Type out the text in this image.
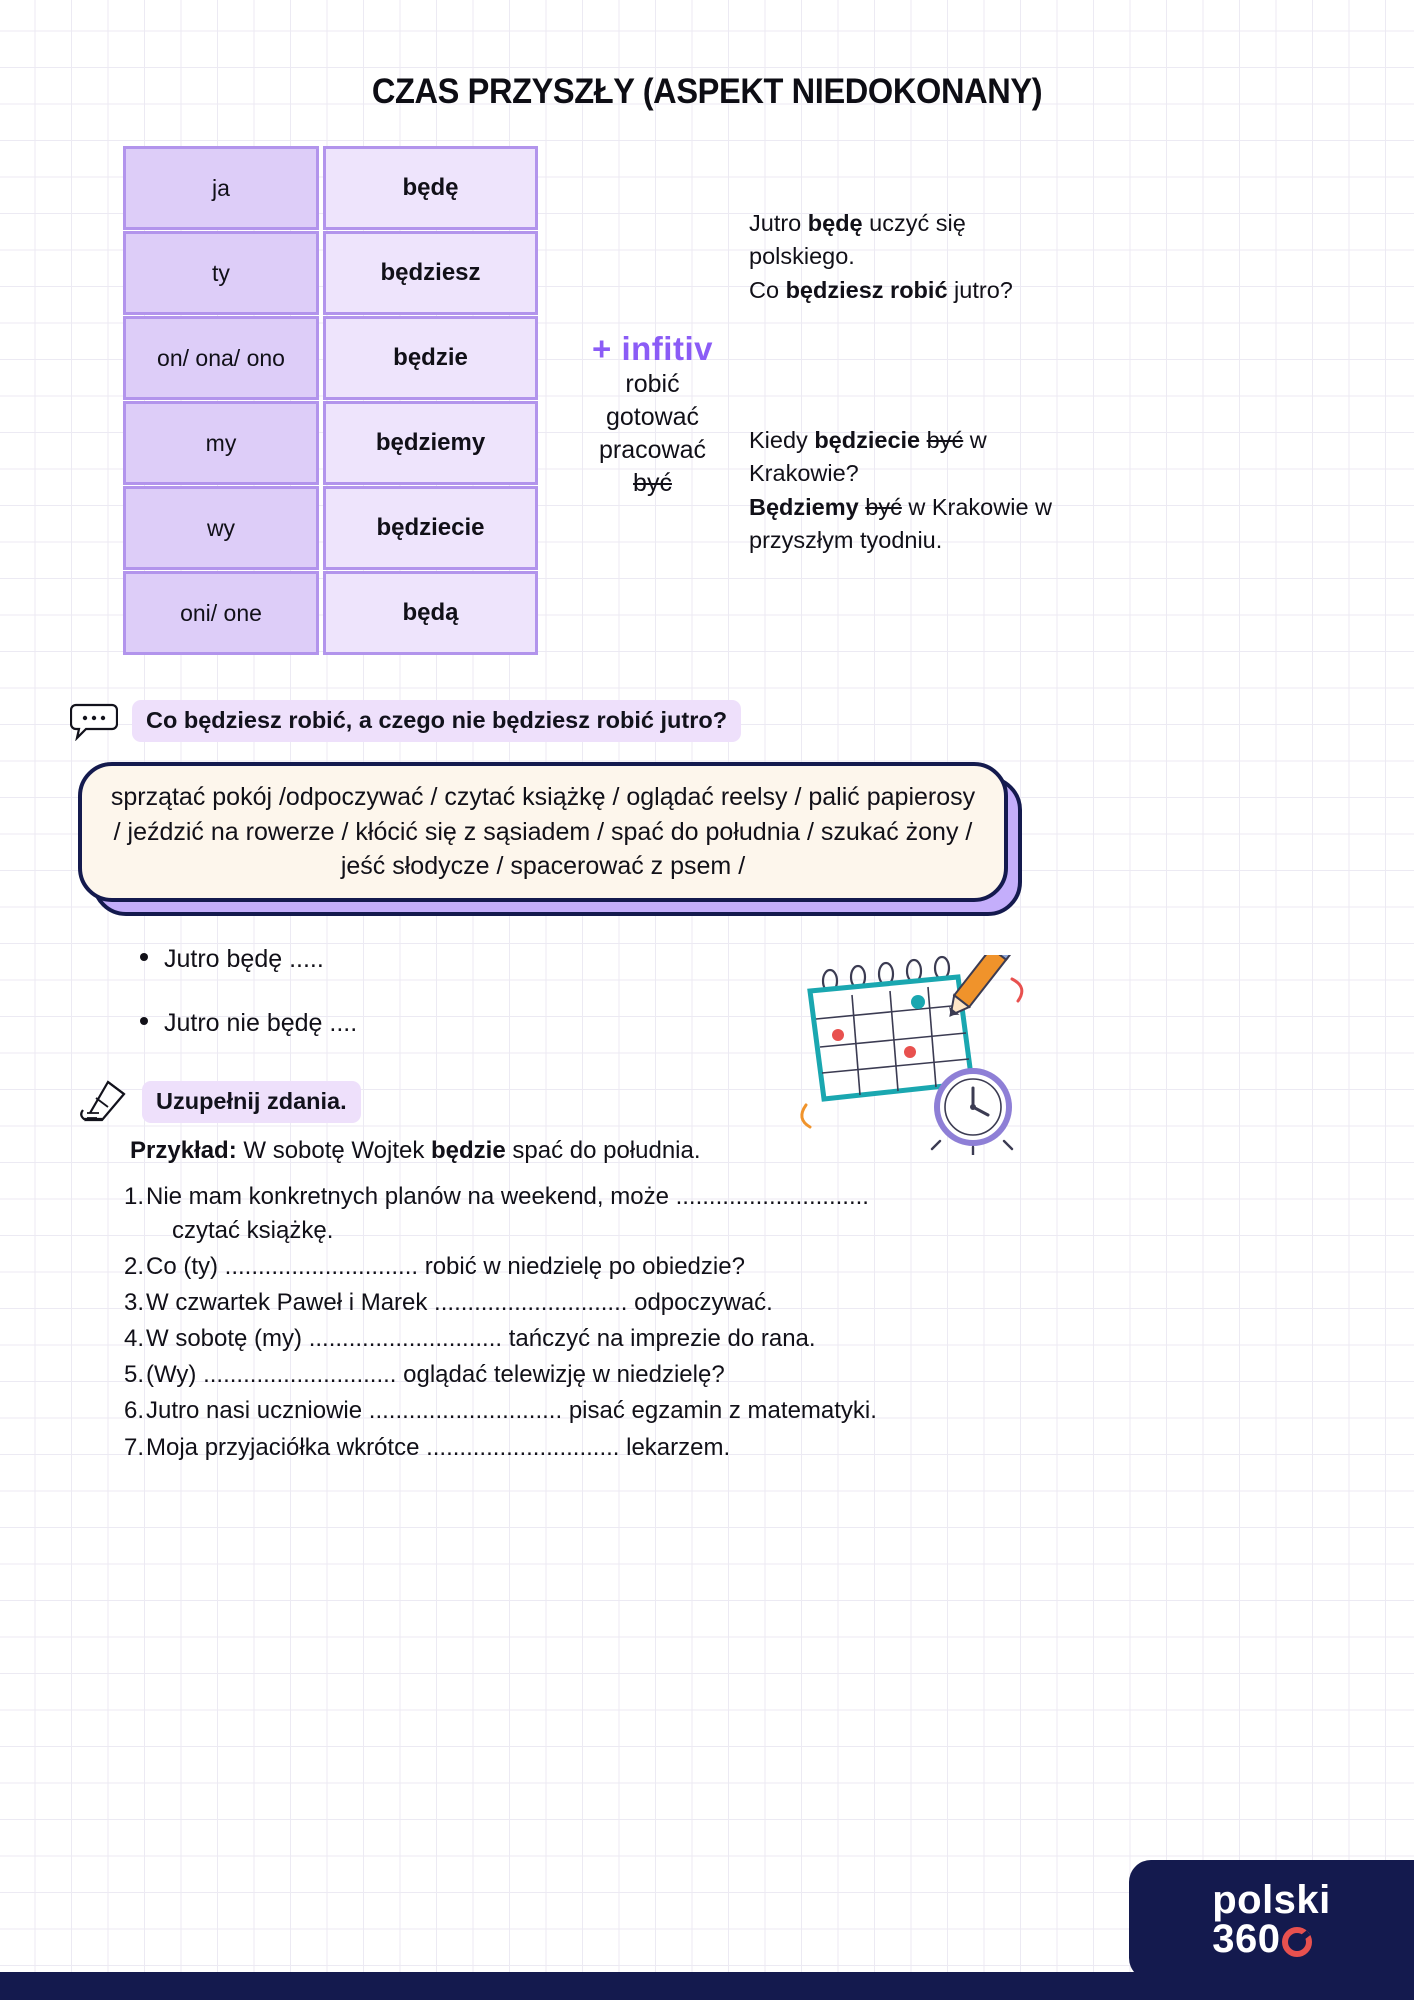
CZAS PRZYSZŁY (ASPEKT NIEDOKONANY)
ja	będę
ty	będziesz
on/ ona/ ono	będzie
my	będziemy
wy	będziecie
oni/ one	będą
+ infitiv
robić
gotować
pracować
być
Jutro będę uczyć się polskiego.
Co będziesz robić jutro?
Kiedy będziecie być w Krakowie?
Będziemy być w Krakowie w przyszłym tyodniu.
Co będziesz robić, a czego nie będziesz robić jutro?
sprzątać pokój /odpoczywać / czytać książkę / oglądać reelsy / palić papierosy / jeździć na rowerze / kłócić się z sąsiadem / spać do południa / szukać żony / jeść słodycze / spacerować z psem /
Jutro będę .....
Jutro nie będę ....
Uzupełnij zdania.
Przykład: W sobotę Wojtek będzie spać do południa.
1. Nie mam konkretnych planów na weekend, może .............................
czytać książkę.
2. Co (ty) ............................. robić w niedzielę po obiedzie?
3. W czwartek Paweł i Marek ............................. odpoczywać.
4. W sobotę (my) ............................. tańczyć na imprezie do rana.
5. (Wy) ............................. oglądać telewizję w niedzielę?
6. Jutro nasi uczniowie ............................. pisać egzamin z matematyki.
7. Moja przyjaciółka wkrótce ............................. lekarzem.
polski
360
